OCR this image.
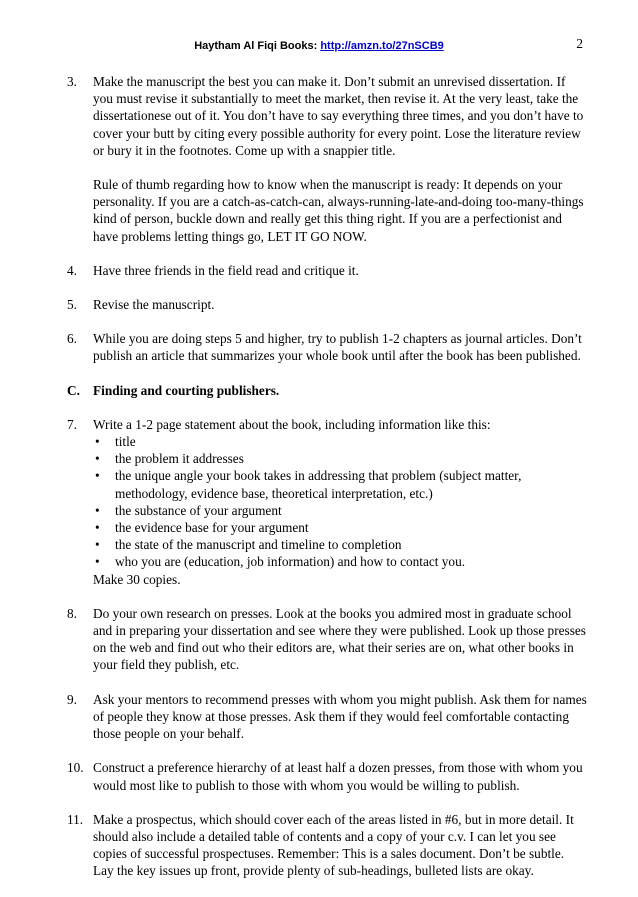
Haytham Al Fiqi Books: http://amzn.to/27nSCB9	2
3. Make the manuscript the best you can make it. Don’t submit an unrevised dissertation. If you must revise it substantially to meet the market, then revise it. At the very least, take the dissertationese out of it. You don’t have to say everything three times, and you don’t have to cover your butt by citing every possible authority for every point. Lose the literature review or bury it in the footnotes. Come up with a snappier title.

Rule of thumb regarding how to know when the manuscript is ready: It depends on your personality. If you are a catch-as-catch-can, always-running-late-and-doing too-many-things kind of person, buckle down and really get this thing right. If you are a perfectionist and have problems letting things go, LET IT GO NOW.

4. Have three friends in the field read and critique it.

5. Revise the manuscript.

6. While you are doing steps 5 and higher, try to publish 1-2 chapters as journal articles. Don’t publish an article that summarizes your whole book until after the book has been published.

C. Finding and courting publishers.
7. Write a 1-2 page statement about the book, including information like this:

• title
• the problem it addresses
• the unique angle your book takes in addressing that problem (subject matter, methodology, evidence base, theoretical interpretation, etc.)
• the substance of your argument
• the evidence base for your argument
• the state of the manuscript and timeline to completion
• who you are (education, job information) and how to contact you.

Make 30 copies.

8. Do your own research on presses. Look at the books you admired most in graduate school and in preparing your dissertation and see where they were published. Look up those presses on the web and find out who their editors are, what their series are on, what other books in your field they publish, etc.

9. Ask your mentors to recommend presses with whom you might publish. Ask them for names of people they know at those presses. Ask them if they would feel comfortable contacting those people on your behalf.

10. Construct a preference hierarchy of at least half a dozen presses, from those with whom you would most like to publish to those with whom you would be willing to publish.

11. Make a prospectus, which should cover each of the areas listed in #6, but in more detail. It should also include a detailed table of contents and a copy of your c.v. I can let you see copies of successful prospectuses. Remember: This is a sales document. Don’t be subtle. Lay the key issues up front, provide plenty of sub-headings, bulleted lists are okay.
